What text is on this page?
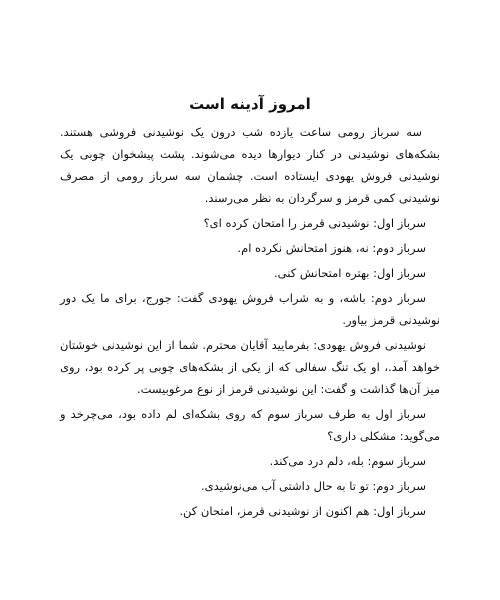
امروز آدینه است

سه سرباز رومی ساعت یازده شب درون یک نوشیدنی فروشی هستند. بشکه‌های نوشیدنی در کنار دیوارها دیده می‌شوند. پشت پیشخوان چوبی یک نوشیدنی فروش یهودی ایستاده است. چشمان سه سرباز رومی از مصرف نوشیدنی کمی قرمز و سرگردان به نظر می‌رسند.

سرباز اول: نوشیدنی قرمز را امتحان کرده ای؟

سرباز دوم: نه، هنوز امتحانش نکرده ام.

سرباز اول: بهتره امتحانش کنی.

سرباز دوم: باشه، و به شراب فروش یهودی گفت: جورج، برای ما یک دور نوشیدنی قرمز بیاور.

نوشیدنی فروش یهودی: بفرمایید آقایان محترم. شما از این نوشیدنی خوشتان خواهد آمد.، او یک تنگ سفالی که از یکی از بشکه‌های چوبی پر کرده بود، روی میز آن‌ها گذاشت و گفت: این نوشیدنی قرمز از نوع مرغوبیست.

سرباز اول به طرف سرباز سوم که روی بشکه‌ای لم داده بود، می‌چرخد و می‌گوید: مشکلی داری؟

سرباز سوم: بله، دلم درد می‌کند.

سرباز دوم: تو تا به حال داشتی آب می‌نوشیدی.

سرباز اول: هم اکنون از نوشیدنی قرمز، امتحان کن.
